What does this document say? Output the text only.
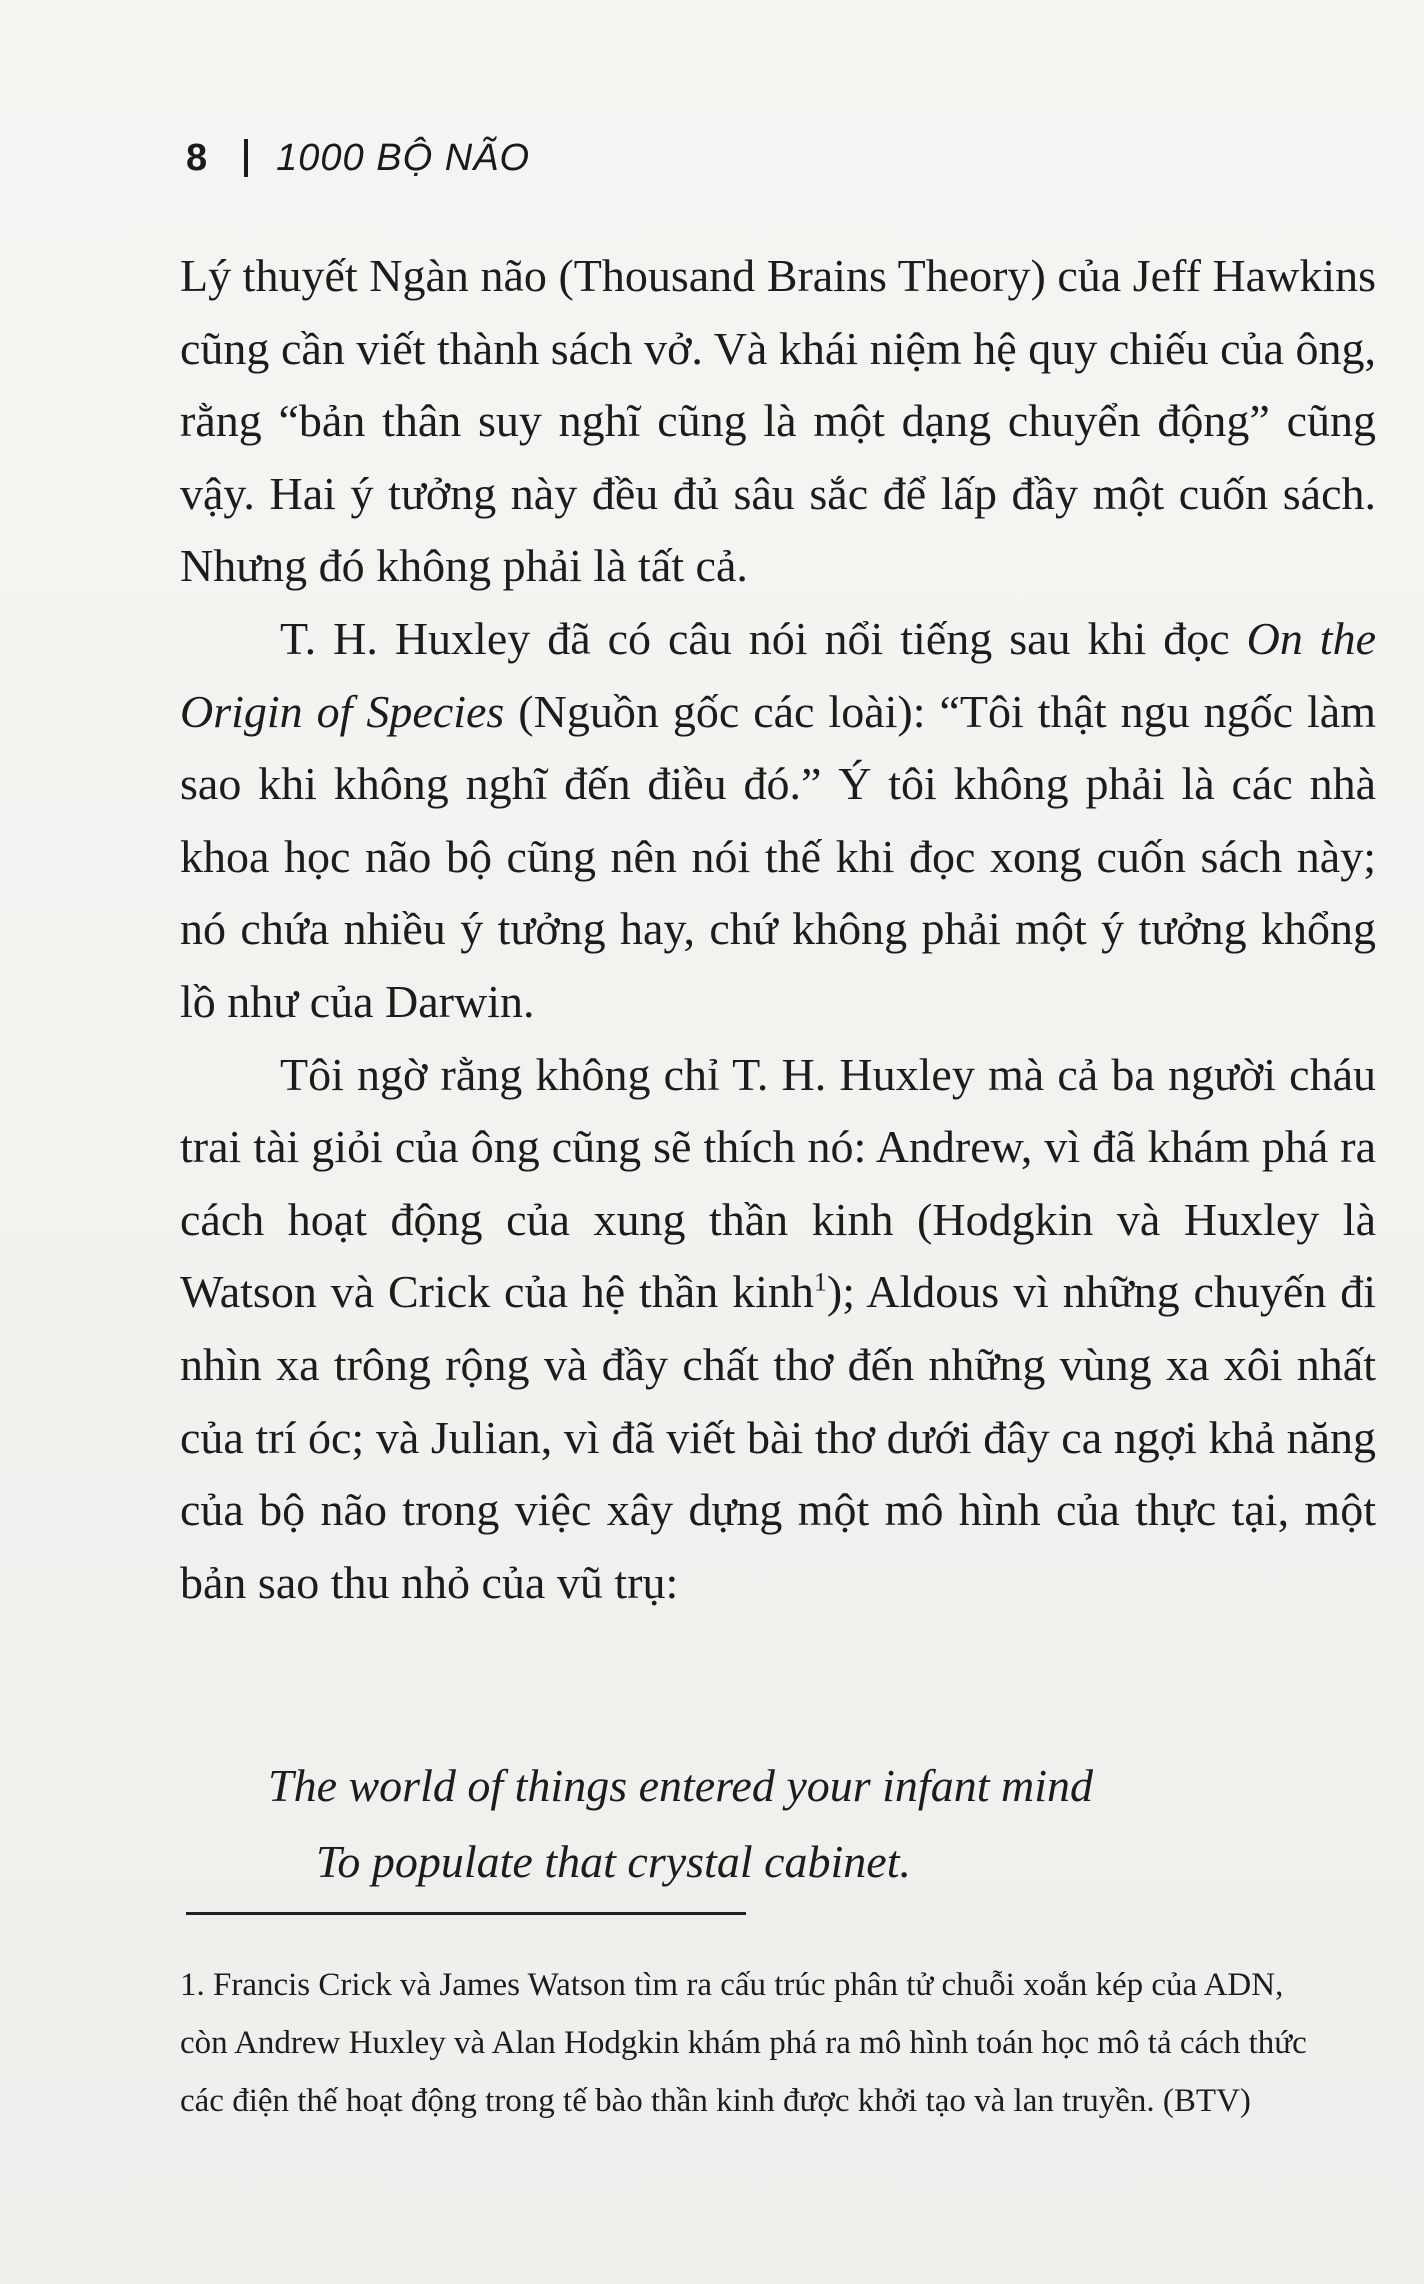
8 1000 BỘ NÃO

Lý thuyết Ngàn não (Thousand Brains Theory) của Jeff Hawkins cũng cần viết thành sách vở. Và khái niệm hệ quy chiếu của ông, rằng “bản thân suy nghĩ cũng là một dạng chuyển động” cũng vậy. Hai ý tưởng này đều đủ sâu sắc để lấp đầy một cuốn sách. Nhưng đó không phải là tất cả.

T. H. Huxley đã có câu nói nổi tiếng sau khi đọc On the Origin of Species (Nguồn gốc các loài): “Tôi thật ngu ngốc làm sao khi không nghĩ đến điều đó.” Ý tôi không phải là các nhà khoa học não bộ cũng nên nói thế khi đọc xong cuốn sách này; nó chứa nhiều ý tưởng hay, chứ không phải một ý tưởng khổng lồ như của Darwin.

Tôi ngờ rằng không chỉ T. H. Huxley mà cả ba người cháu trai tài giỏi của ông cũng sẽ thích nó: Andrew, vì đã khám phá ra cách hoạt động của xung thần kinh (Hodgkin và Huxley là Watson và Crick của hệ thần kinh$^1$); Aldous vì những chuyến đi nhìn xa trông rộng và đầy chất thơ đến những vùng xa xôi nhất của trí óc; và Julian, vì đã viết bài thơ dưới đây ca ngợi khả năng của bộ não trong việc xây dựng một mô hình của thực tại, một bản sao thu nhỏ của vũ trụ:

The world of things entered your infant mind
To populate that crystal cabinet.

1. Francis Crick và James Watson tìm ra cấu trúc phân tử chuỗi xoắn kép của ADN,

còn Andrew Huxley và Alan Hodgkin khám phá ra mô hình toán học mô tả cách thức

các điện thế hoạt động trong tế bào thần kinh được khởi tạo và lan truyền. (BTV)
